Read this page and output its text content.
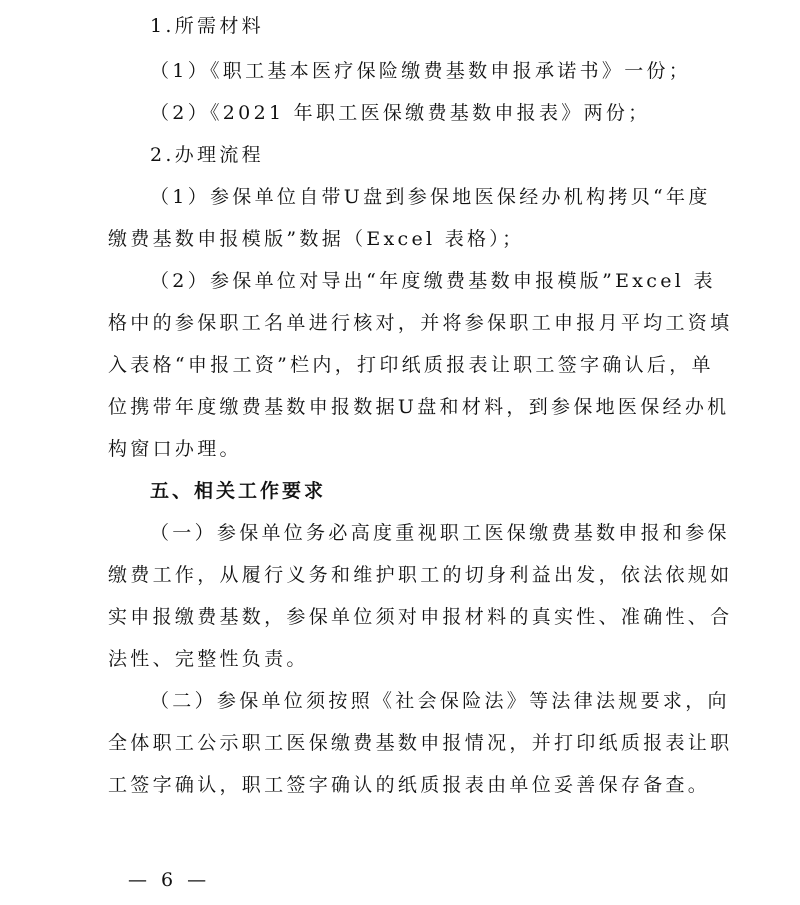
1.所需材料
（1）《职工基本医疗保险缴费基数申报承诺书》一份；
（2）《2021 年职工医保缴费基数申报表》两份；
2.办理流程
（1）参保单位自带U盘到参保地医保经办机构拷贝“年度
缴费基数申报模版”数据（Excel 表格）；
（2）参保单位对导出“年度缴费基数申报模版”Excel 表
格中的参保职工名单进行核对，并将参保职工申报月平均工资填
入表格“申报工资”栏内，打印纸质报表让职工签字确认后，单
位携带年度缴费基数申报数据U盘和材料，到参保地医保经办机
构窗口办理。
五、相关工作要求
（一）参保单位务必高度重视职工医保缴费基数申报和参保
缴费工作，从履行义务和维护职工的切身利益出发，依法依规如
实申报缴费基数，参保单位须对申报材料的真实性、准确性、合
法性、完整性负责。
（二）参保单位须按照《社会保险法》等法律法规要求，向
全体职工公示职工医保缴费基数申报情况，并打印纸质报表让职
工签字确认，职工签字确认的纸质报表由单位妥善保存备查。
— 6 —
